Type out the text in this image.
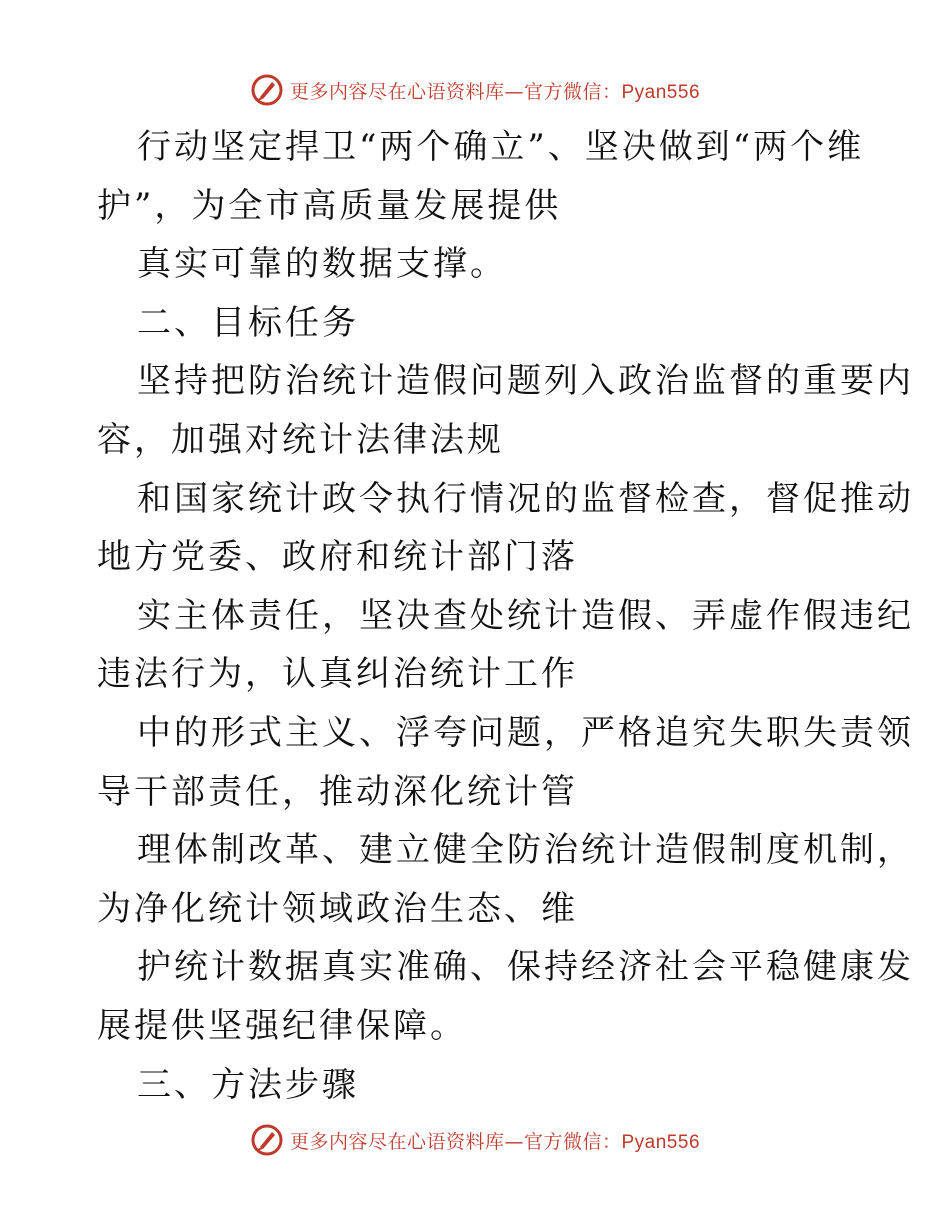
更多内容尽在心语资料库—官方微信：Pyan556
行动坚定捍卫“两个确立”、坚决做到“两个维
护”，为全市高质量发展提供
真实可靠的数据支撑。
二、目标任务
坚持把防治统计造假问题列入政治监督的重要内
容，加强对统计法律法规
和国家统计政令执行情况的监督检查，督促推动
地方党委、政府和统计部门落
实主体责任，坚决查处统计造假、弄虚作假违纪
违法行为，认真纠治统计工作
中的形式主义、浮夸问题，严格追究失职失责领
导干部责任，推动深化统计管
理体制改革、建立健全防治统计造假制度机制，
为净化统计领域政治生态、维
护统计数据真实准确、保持经济社会平稳健康发
展提供坚强纪律保障。
三、方法步骤
更多内容尽在心语资料库—官方微信：Pyan556
